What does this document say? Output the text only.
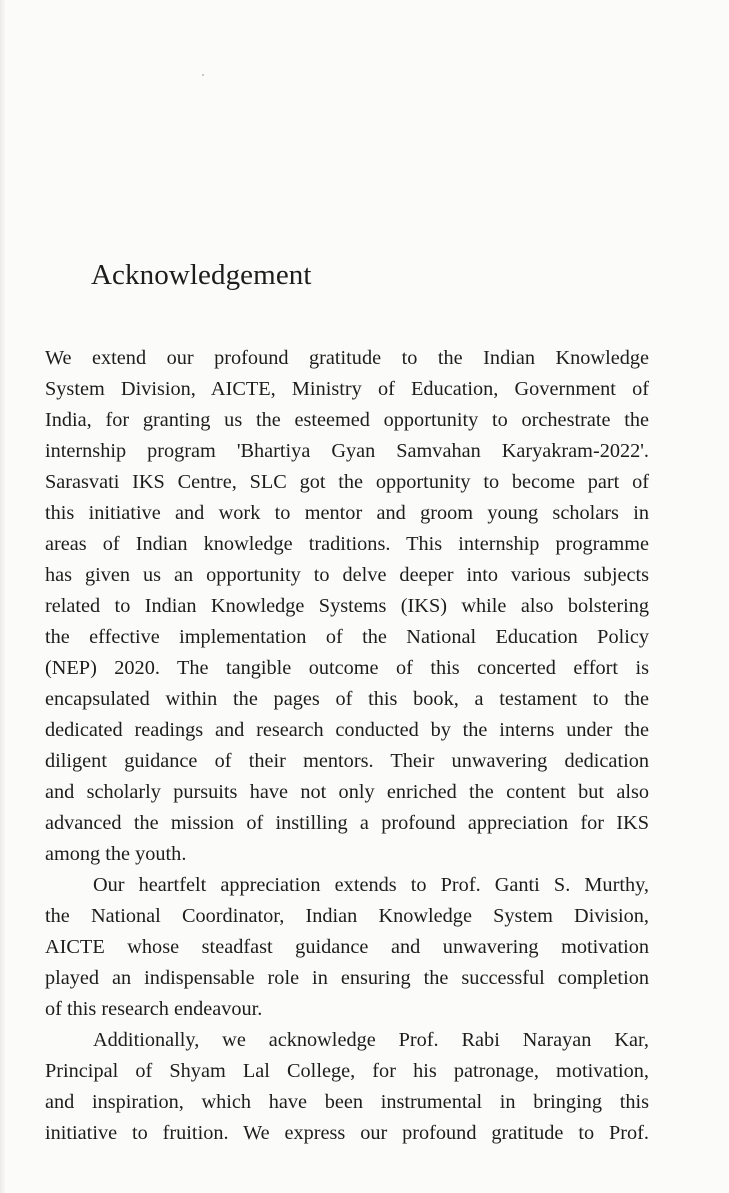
Acknowledgement
We extend our profound gratitude to the Indian Knowledge
System Division, AICTE, Ministry of Education, Government of
India, for granting us the esteemed opportunity to orchestrate the
internship program 'Bhartiya Gyan Samvahan Karyakram-2022'.
Sarasvati IKS Centre, SLC got the opportunity to become part of
this initiative and work to mentor and groom young scholars in
areas of Indian knowledge traditions. This internship programme
has given us an opportunity to delve deeper into various subjects
related to Indian Knowledge Systems (IKS) while also bolstering
the effective implementation of the National Education Policy
(NEP) 2020. The tangible outcome of this concerted effort is
encapsulated within the pages of this book, a testament to the
dedicated readings and research conducted by the interns under the
diligent guidance of their mentors. Their unwavering dedication
and scholarly pursuits have not only enriched the content but also
advanced the mission of instilling a profound appreciation for IKS
among the youth.
Our heartfelt appreciation extends to Prof. Ganti S. Murthy,
the National Coordinator, Indian Knowledge System Division,
AICTE whose steadfast guidance and unwavering motivation
played an indispensable role in ensuring the successful completion
of this research endeavour.
Additionally, we acknowledge Prof. Rabi Narayan Kar,
Principal of Shyam Lal College, for his patronage, motivation,
and inspiration, which have been instrumental in bringing this
initiative to fruition. We express our profound gratitude to Prof.
